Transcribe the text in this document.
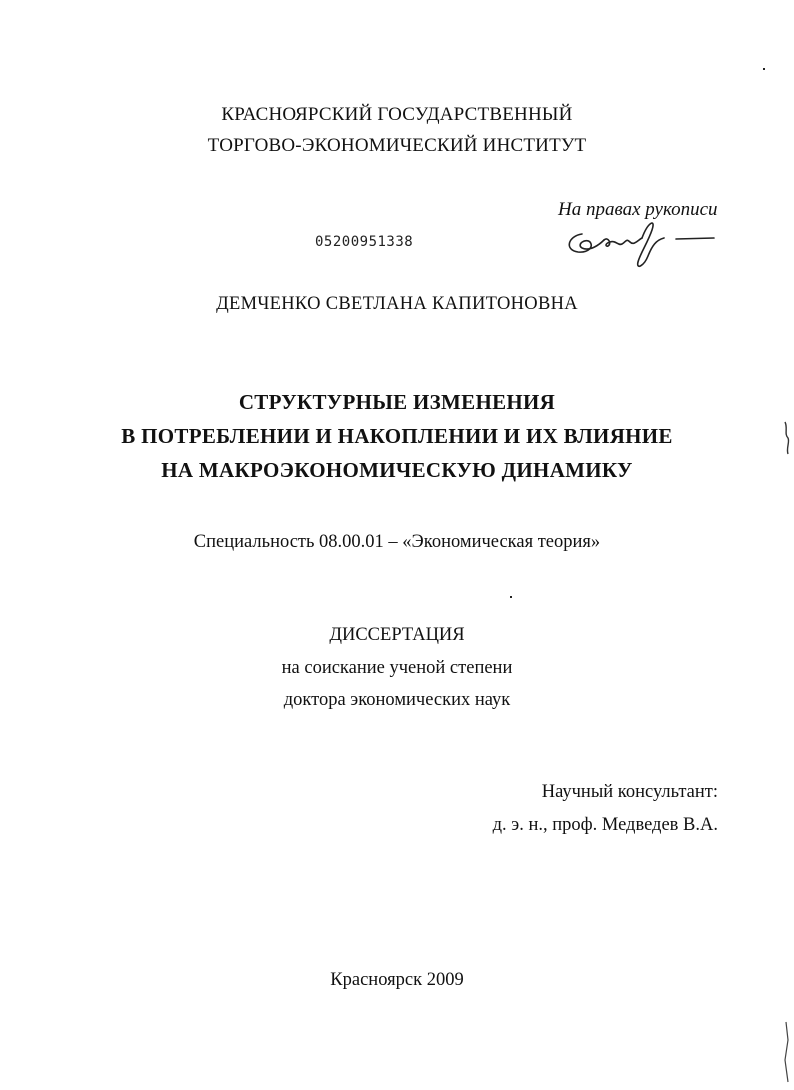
КРАСНОЯРСКИЙ ГОСУДАРСТВЕННЫЙ
ТОРГОВО-ЭКОНОМИЧЕСКИЙ ИНСТИТУТ
На правах рукописи
05200951338
ДЕМЧЕНКО СВЕТЛАНА КАПИТОНОВНА
СТРУКТУРНЫЕ ИЗМЕНЕНИЯ
В ПОТРЕБЛЕНИИ И НАКОПЛЕНИИ И ИХ ВЛИЯНИЕ
НА МАКРОЭКОНОМИЧЕСКУЮ ДИНАМИКУ
Специальность 08.00.01 – «Экономическая теория»
ДИССЕРТАЦИЯ
на соискание ученой степени
доктора экономических наук
Научный консультант:
д. э. н., проф. Медведев В.А.
Красноярск 2009
